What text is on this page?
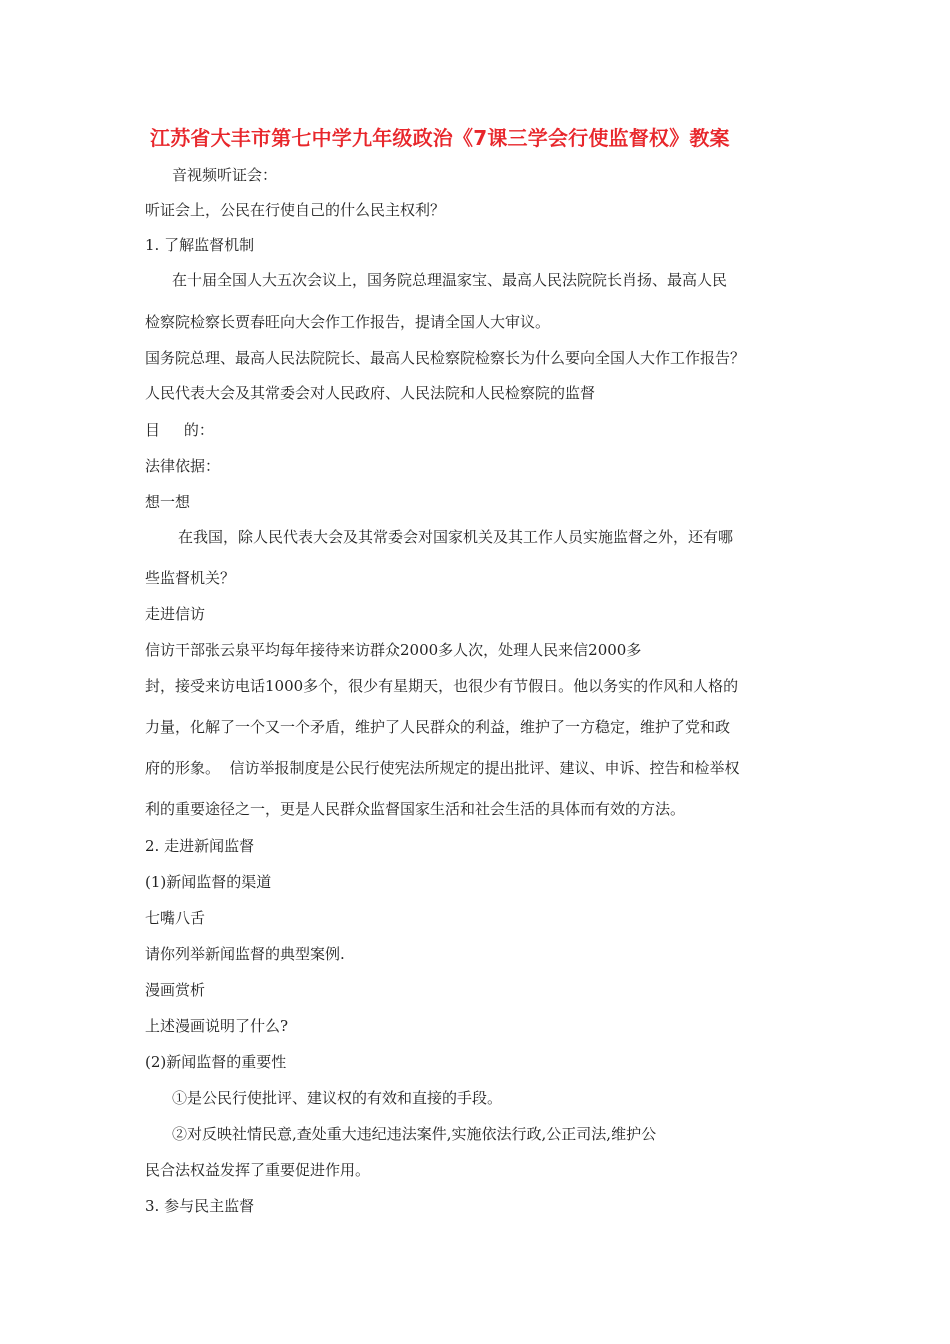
江苏省大丰市第七中学九年级政治《7课三学会行使监督权》教案
音视频听证会：
听证会上，公民在行使自己的什么民主权利？
1. 了解监督机制
在十届全国人大五次会议上，国务院总理温家宝、最高人民法院院长肖扬、最高人民
检察院检察长贾春旺向大会作工作报告，提请全国人大审议。
国务院总理、最高人民法院院长、最高人民检察院检察长为什么要向全国人大作工作报告？
人民代表大会及其常委会对人民政府、人民法院和人民检察院的监督
目     的：
法律依据：
想一想
在我国，除人民代表大会及其常委会对国家机关及其工作人员实施监督之外，还有哪
些监督机关？
走进信访
信访干部张云泉平均每年接待来访群众2000多人次，处理人民来信2000多
封，接受来访电话1000多个，很少有星期天，也很少有节假日。他以务实的作风和人格的
力量，化解了一个又一个矛盾，维护了人民群众的利益，维护了一方稳定，维护了党和政
府的形象。  信访举报制度是公民行使宪法所规定的提出批评、建议、申诉、控告和检举权
利的重要途径之一，更是人民群众监督国家生活和社会生活的具体而有效的方法。
2. 走进新闻监督
(1)新闻监督的渠道
七嘴八舌
请你列举新闻监督的典型案例.
漫画赏析
上述漫画说明了什么?
(2)新闻监督的重要性
①是公民行使批评、建议权的有效和直接的手段。
②对反映社情民意,查处重大违纪违法案件,实施依法行政,公正司法,维护公
民合法权益发挥了重要促进作用。
3. 参与民主监督
